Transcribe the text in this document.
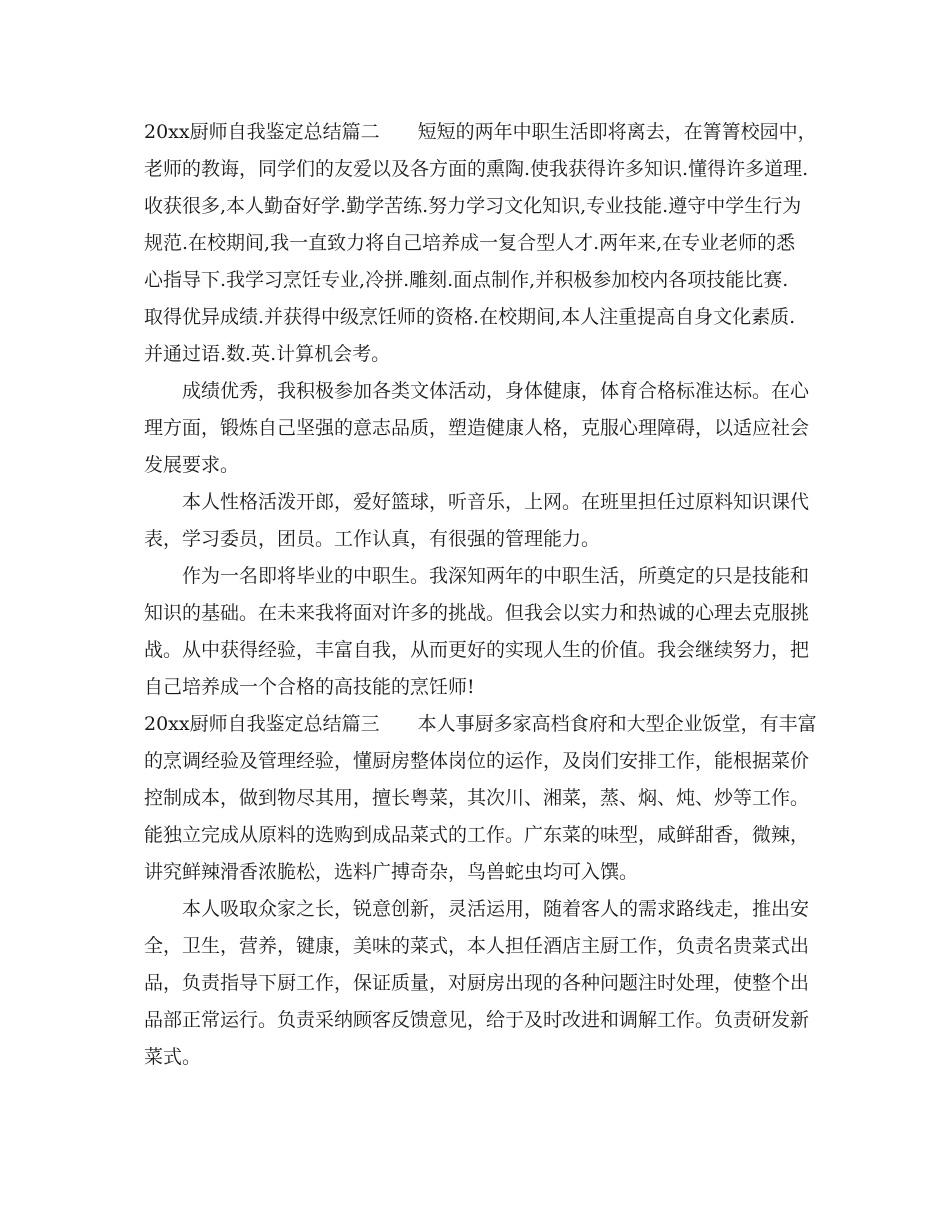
20xx厨师自我鉴定总结篇二　　短短的两年中职生活即将离去，在箐箐校园中，
老师的教诲，同学们的友爱以及各方面的熏陶.使我获得许多知识.懂得许多道理.
收获很多,本人勤奋好学.勤学苦练.努力学习文化知识,专业技能.遵守中学生行为
规范.在校期间,我一直致力将自己培养成一复合型人才.两年来,在专业老师的悉
心指导下.我学习烹饪专业,冷拼.雕刻.面点制作,并积极参加校内各项技能比赛.
取得优异成绩.并获得中级烹饪师的资格.在校期间,本人注重提高自身文化素质.
并通过语.数.英.计算机会考。
　　成绩优秀，我积极参加各类文体活动，身体健康，体育合格标准达标。在心
理方面，锻炼自己坚强的意志品质，塑造健康人格，克服心理障碍，以适应社会
发展要求。
　　本人性格活泼开郎，爱好篮球，听音乐，上网。在班里担任过原料知识课代
表，学习委员，团员。工作认真，有很强的管理能力。
　　作为一名即将毕业的中职生。我深知两年的中职生活，所奠定的只是技能和
知识的基础。在未来我将面对许多的挑战。但我会以实力和热诚的心理去克服挑
战。从中获得经验，丰富自我，从而更好的实现人生的价值。我会继续努力，把
自己培养成一个合格的高技能的烹饪师!
20xx厨师自我鉴定总结篇三　　本人事厨多家高档食府和大型企业饭堂，有丰富
的烹调经验及管理经验，懂厨房整体岗位的运作，及岗们安排工作，能根据菜价
控制成本，做到物尽其用，擅长粤菜，其次川、湘菜，蒸、焖、炖、炒等工作。
能独立完成从原料的选购到成品菜式的工作。广东菜的味型，咸鲜甜香，微辣，
讲究鲜辣滑香浓脆松，选料广搏奇杂，鸟兽蛇虫均可入馔。
　　本人吸取众家之长，锐意创新，灵活运用，随着客人的需求路线走，推出安
全，卫生，营养，键康，美味的菜式，本人担任酒店主厨工作，负责名贵菜式出
品，负责指导下厨工作，保证质量，对厨房出现的各种问题注时处理，使整个出
品部正常运行。负责采纳顾客反馈意见，给于及时改进和调解工作。负责研发新
菜式。
